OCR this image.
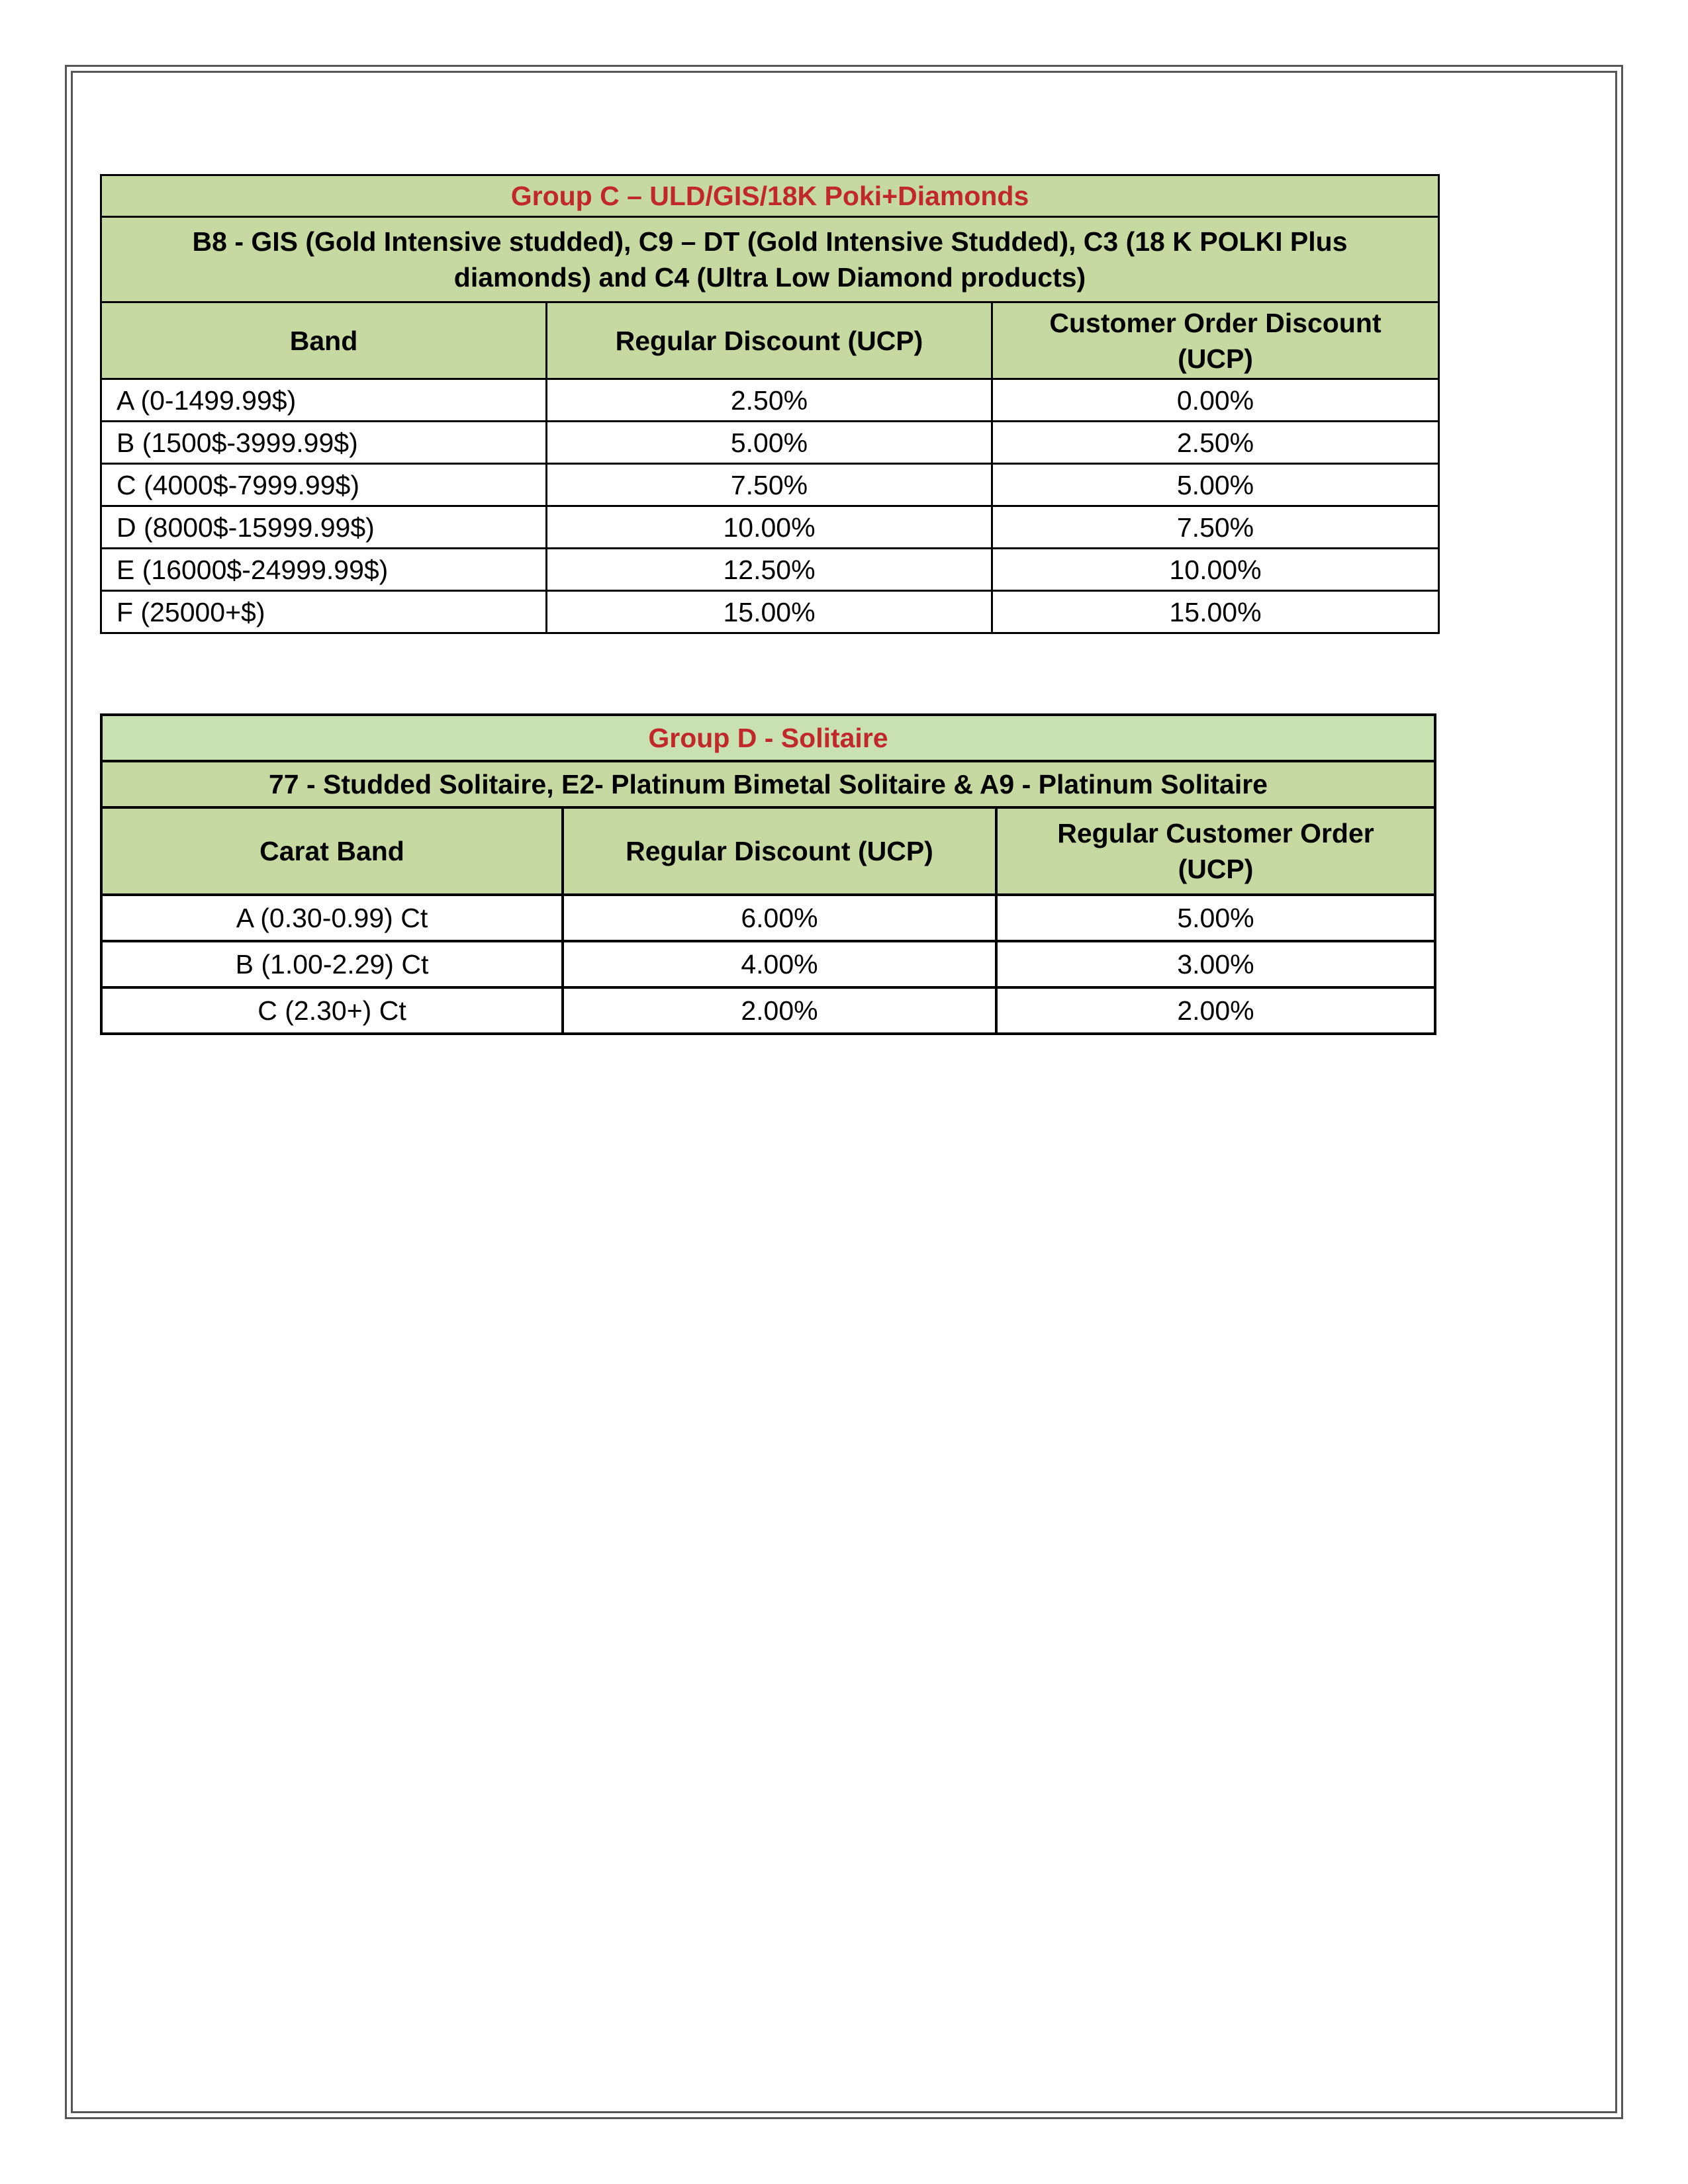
Group C – ULD/GIS/18K Poki+Diamonds		

B8 - GIS (Gold Intensive studded), C9 – DT (Gold Intensive Studded), C3 (18 K POLKI Plus
diamonds) and C4 (Ultra Low Diamond products)		

Band	Regular Discount (UCP)	Customer Order Discount
(UCP)

A (0-1499.99$)	2.50%	0.00%
B (1500$-3999.99$)	5.00%	2.50%
C (4000$-7999.99$)	7.50%	5.00%
D (8000$-15999.99$)	10.00%	7.50%
E (16000$-24999.99$)	12.50%	10.00%
F (25000+$)	15.00%	15.00%
Group D - Solitaire		
77 - Studded Solitaire, E2- Platinum Bimetal Solitaire & A9 - Platinum Solitaire		
Carat Band	Regular Discount (UCP)	Regular Customer Order
(UCP)

A (0.30-0.99) Ct	6.00%	5.00%
B (1.00-2.29) Ct	4.00%	3.00%
C (2.30+) Ct	2.00%	2.00%
